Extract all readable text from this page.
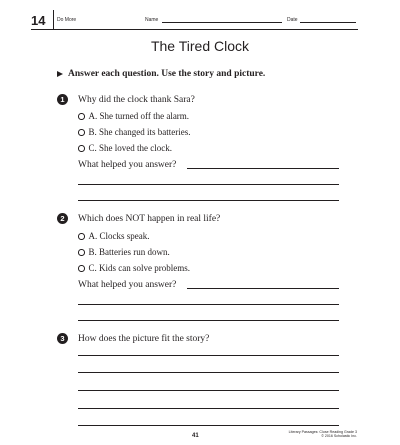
14 Do More	Name	Date
The Tired Clock
Answer each question. Use the story and picture.
1	Why did the clock thank Sara?
A. She turned off the alarm.
B. She changed its batteries.
C. She loved the clock.
What helped you answer?
2	Which does NOT happen in real life?
A. Clocks speak.
B. Batteries run down.
C. Kids can solve problems.
What helped you answer?
3	How does the picture fit the story?
41
Literary Passages: Close Reading Grade 3
© 2016 Scholastic Inc.
